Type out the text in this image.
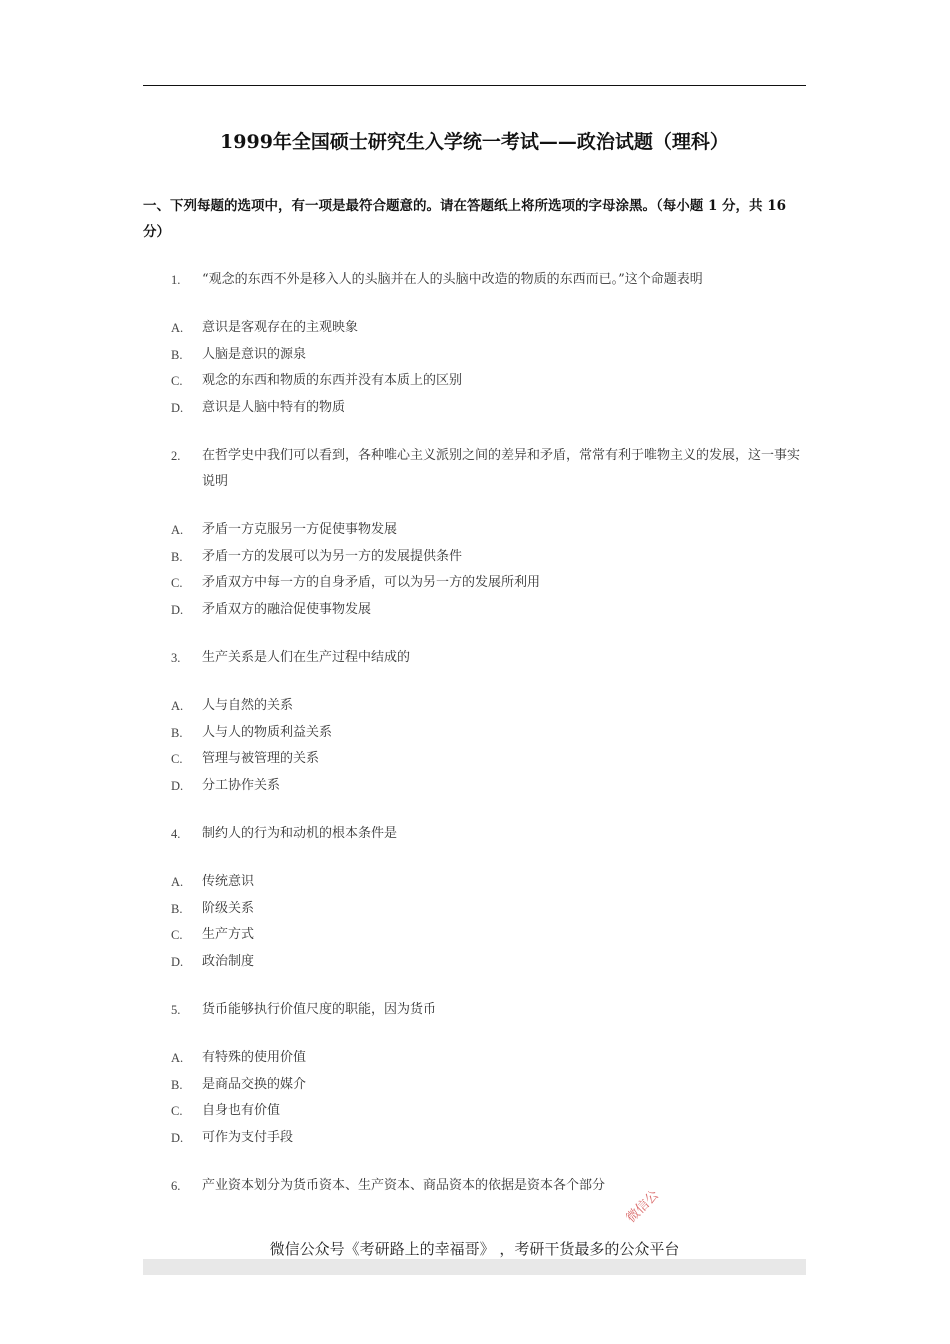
1999年全国硕士研究生入学统一考试——政治试题（理科）
一、下列每题的选项中，有一项是最符合题意的。请在答题纸上将所选项的字母涂黑。（每小题 1 分，共 16 分）
1. “观念的东西不外是移入人的头脑并在人的头脑中改造的物质的东西而已。”这个命题表明
A. 意识是客观存在的主观映象
B. 人脑是意识的源泉
C. 观念的东西和物质的东西并没有本质上的区别
D. 意识是人脑中特有的物质
2. 在哲学史中我们可以看到，各种唯心主义派别之间的差异和矛盾，常常有利于唯物主义的发展，这一事实说明
A. 矛盾一方克服另一方促使事物发展
B. 矛盾一方的发展可以为另一方的发展提供条件
C. 矛盾双方中每一方的自身矛盾，可以为另一方的发展所利用
D. 矛盾双方的融洽促使事物发展
3. 生产关系是人们在生产过程中结成的
A. 人与自然的关系
B. 人与人的物质利益关系
C. 管理与被管理的关系
D. 分工协作关系
4. 制约人的行为和动机的根本条件是
A. 传统意识
B. 阶级关系
C. 生产方式
D. 政治制度
5. 货币能够执行价值尺度的职能，因为货币
A. 有特殊的使用价值
B. 是商品交换的媒介
C. 自身也有价值
D. 可作为支付手段
6. 产业资本划分为货币资本、生产资本、商品资本的依据是资本各个部分
微信公
微信公众号《考研路上的幸福哥》 ，考研干货最多的公众平台
